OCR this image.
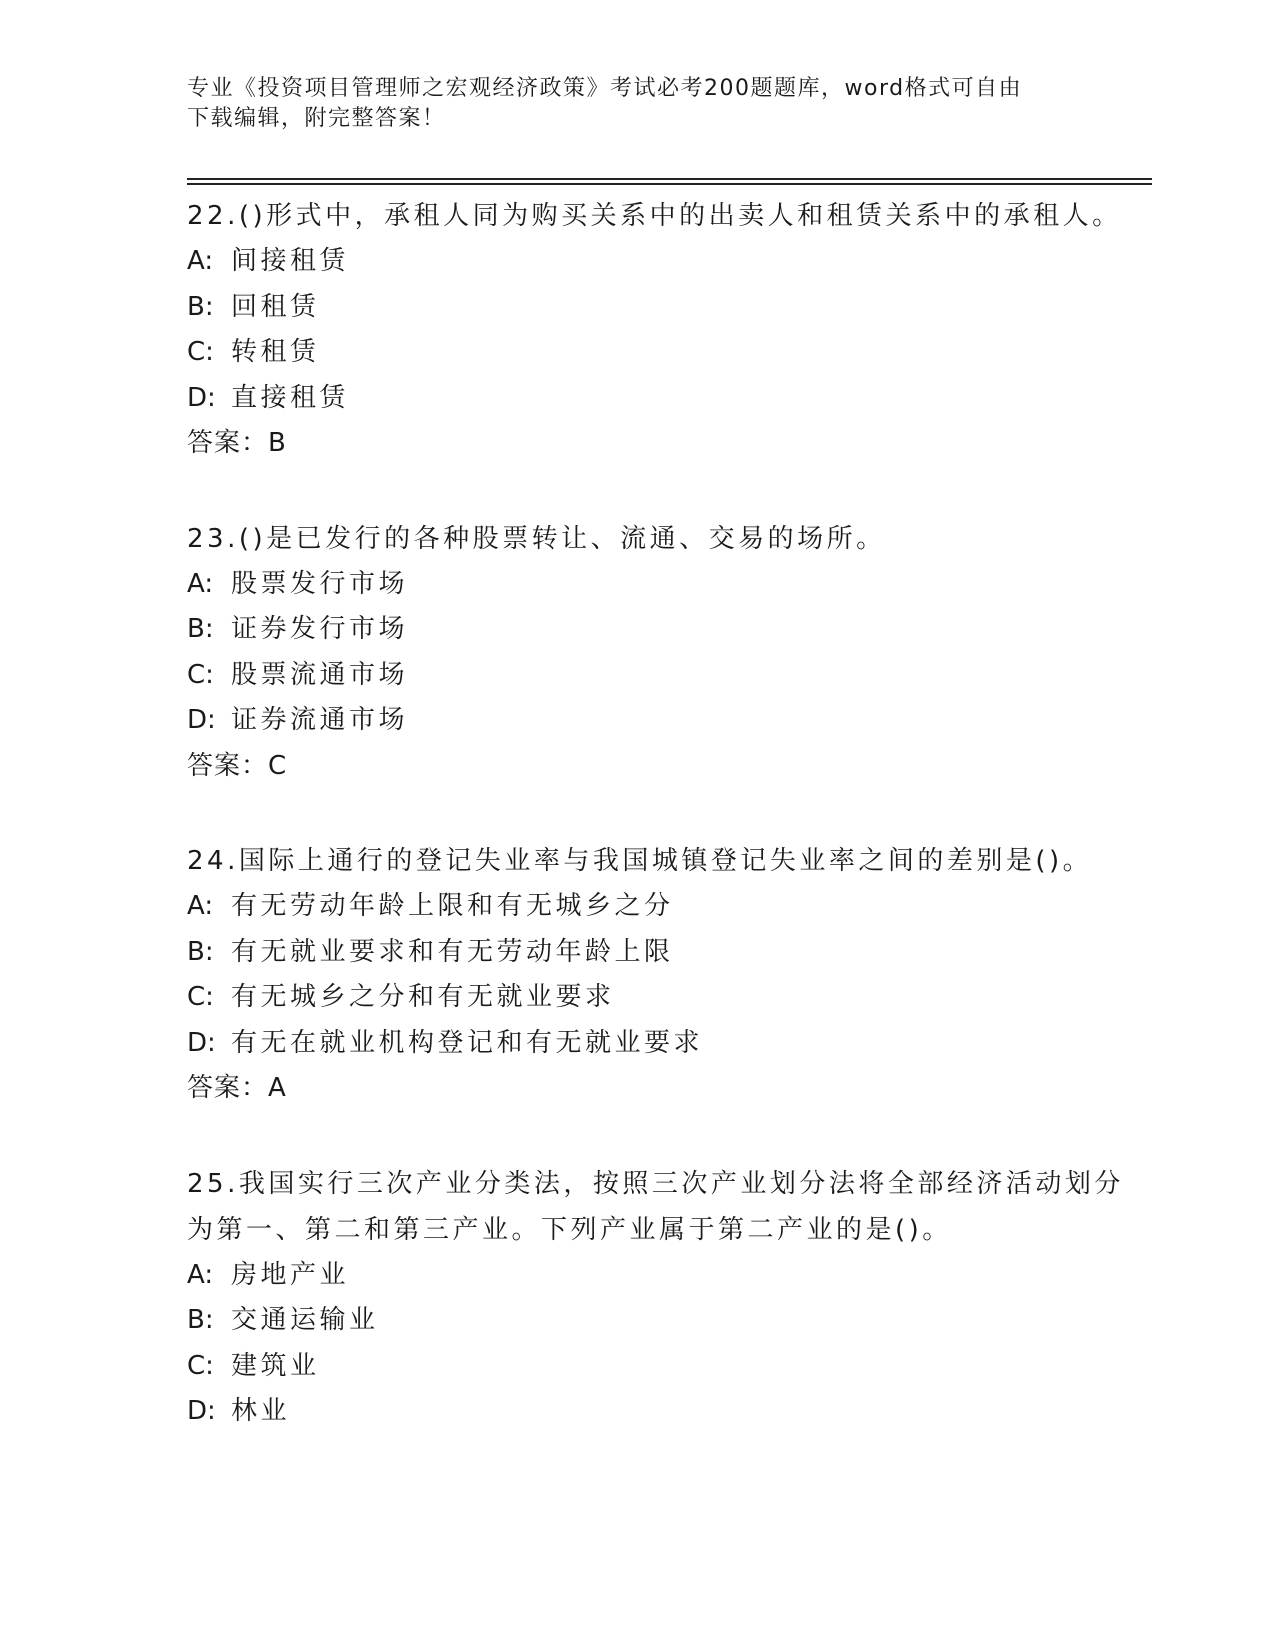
专业《投资项目管理师之宏观经济政策》考试必考200题题库，word格式可自由
下载编辑，附完整答案！

22.()形式中，承租人同为购买关系中的出卖人和租赁关系中的承租人。

A: 间接租赁
B: 回租赁
C: 转租赁
D: 直接租赁
答案：B

23.()是已发行的各种股票转让、流通、交易的场所。

A: 股票发行市场
B: 证券发行市场
C: 股票流通市场
D: 证券流通市场
答案：C

24.国际上通行的登记失业率与我国城镇登记失业率之间的差别是()。

A: 有无劳动年龄上限和有无城乡之分
B: 有无就业要求和有无劳动年龄上限
C: 有无城乡之分和有无就业要求
D: 有无在就业机构登记和有无就业要求
答案：A

25.我国实行三次产业分类法，按照三次产业划分法将全部经济活动划分为第一、第二和第三产业。下列产业属于第二产业的是()。

A: 房地产业
B: 交通运输业
C: 建筑业
D: 林业
